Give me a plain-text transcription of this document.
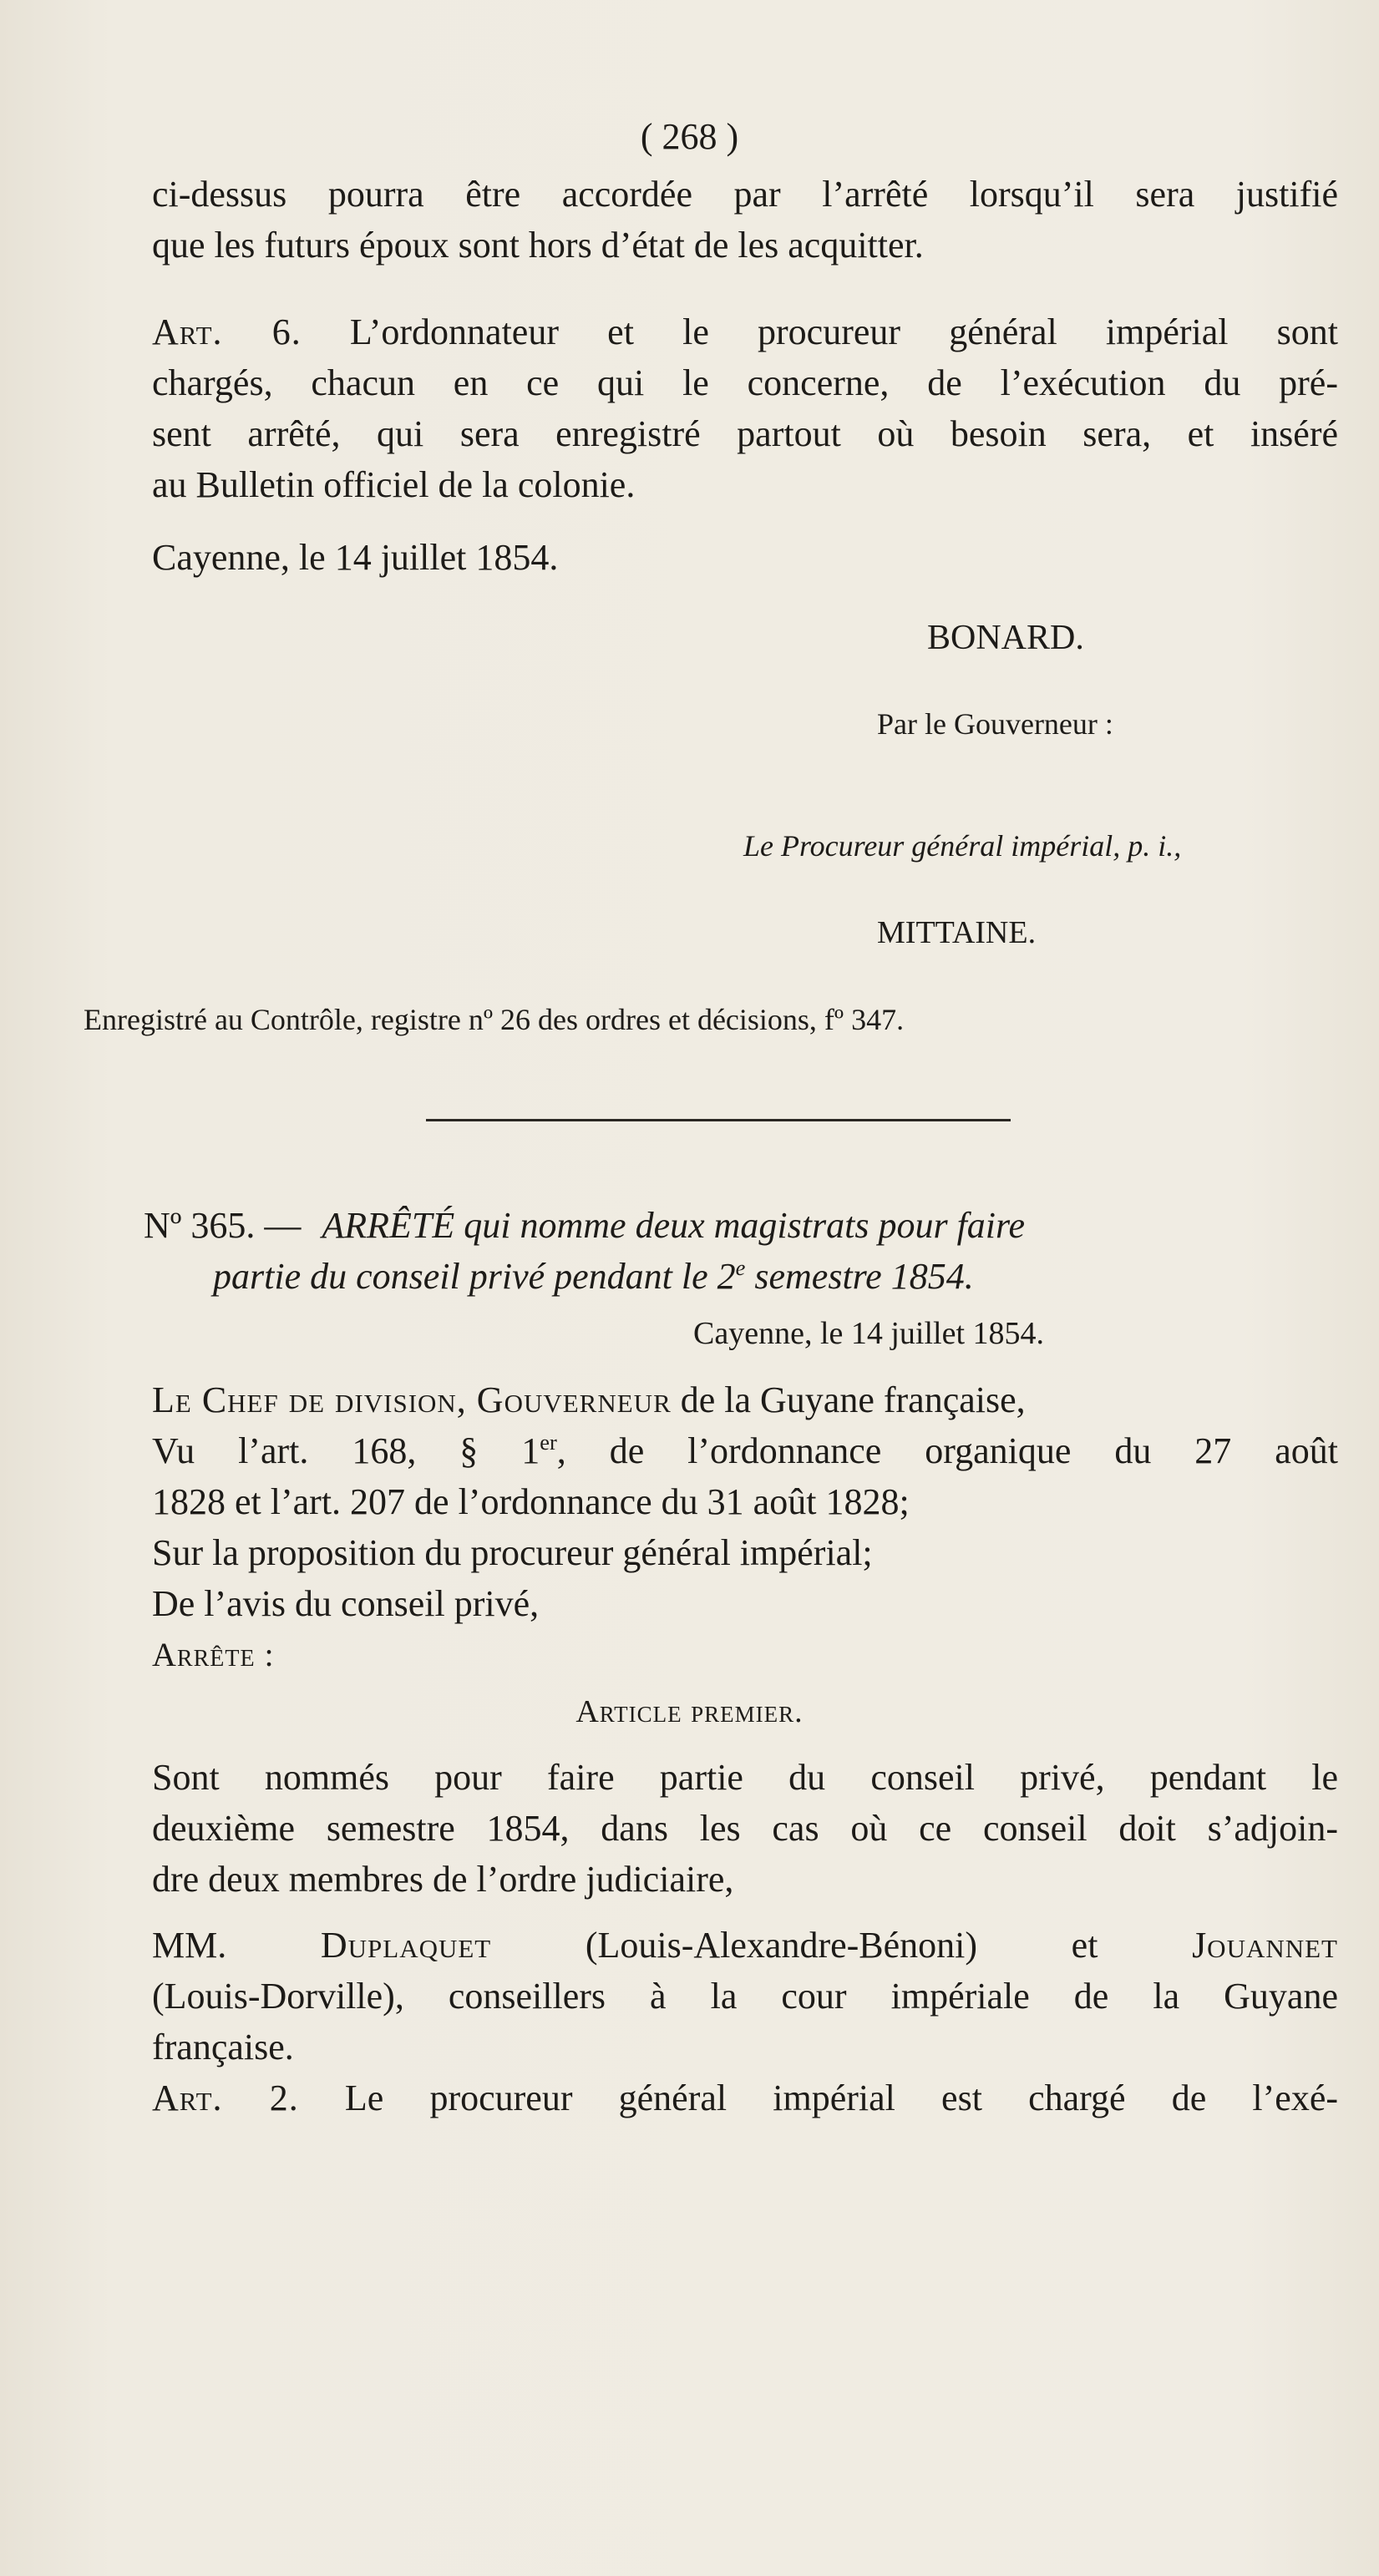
( 268 )
ci-dessus pourra être accordée par l’arrêté lorsqu’il sera justifié
que les futurs époux sont hors d’état de les acquitter.
Art. 6. L’ordonnateur et le procureur général impérial sont
chargés, chacun en ce qui le concerne, de l’exécution du pré-
sent arrêté, qui sera enregistré partout où besoin sera, et inséré
au Bulletin officiel de la colonie.
Cayenne, le 14 juillet 1854.
BONARD.
Par le Gouverneur :
Le Procureur général impérial, p. i.,
MITTAINE.
Enregistré au Contrôle, registre nº 26 des ordres et décisions, fº 347.
Nº 365. — ARRÊTÉ qui nomme deux magistrats pour faire
partie du conseil privé pendant le 2e semestre 1854.
Cayenne, le 14 juillet 1854.
Le Chef de division, Gouverneur de la Guyane française,
Vu l’art. 168, § 1er, de l’ordonnance organique du 27 août
1828 et l’art. 207 de l’ordonnance du 31 août 1828;
Sur la proposition du procureur général impérial;
De l’avis du conseil privé,
Arrête :
Article premier.
Sont nommés pour faire partie du conseil privé, pendant le
deuxième semestre 1854, dans les cas où ce conseil doit s’adjoin-
dre deux membres de l’ordre judiciaire,
MM. Duplaquet (Louis-Alexandre-Bénoni) et Jouannet
(Louis-Dorville), conseillers à la cour impériale de la Guyane
française.
Art. 2. Le procureur général impérial est chargé de l’exé-
